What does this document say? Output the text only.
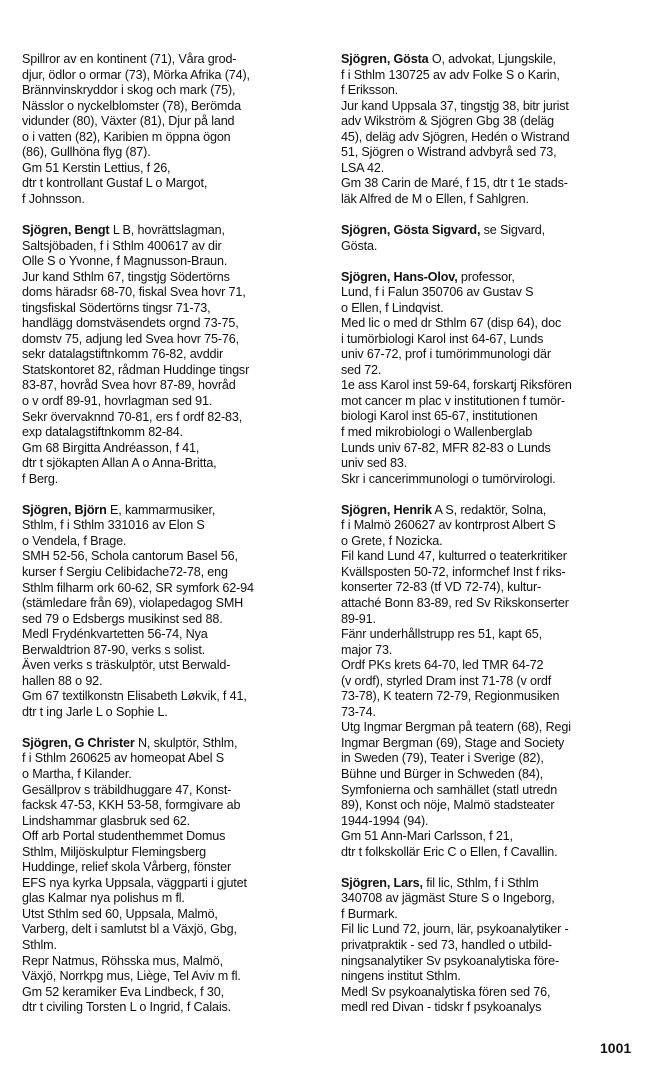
Spillror av en kontinent (71), Våra grod-

djur, ödlor o ormar (73), Mörka Afrika (74),

Brännvinskryddor i skog och mark (75),

Nässlor o nyckelblomster (78), Berömda

vidunder (80), Växter (81), Djur på land

o i vatten (82), Karibien m öppna ögon

(86), Gullhöna flyg (87).

Gm 51 Kerstin Lettius, f 26,

dtr t kontrollant Gustaf L o Margot,

f Johnsson.

Sjögren, Bengt L B, hovrättslagman,

Saltsjöbaden, f i Sthlm 400617 av dir

Olle S o Yvonne, f Magnusson-Braun.

Jur kand Sthlm 67, tingstjg Södertörns

doms häradsr 68-70, fiskal Svea hovr 71,

tingsfiskal Södertörns tingsr 71-73,

handlägg domstväsendets orgnd 73-75,

domstv 75, adjung led Svea hovr 75-76,

sekr datalagstiftnkomm 76-82, avddir

Statskontoret 82, rådman Huddinge tingsr

83-87, hovråd Svea hovr 87-89, hovråd

o v ordf 89-91, hovrlagman sed 91.

Sekr övervaknnd 70-81, ers f ordf 82-83,

exp datalagstiftnkomm 82-84.

Gm 68 Birgitta Andréasson, f 41,

dtr t sjökapten Allan A o Anna-Britta,

f Berg.

Sjögren, Björn E, kammarmusiker,

Sthlm, f i Sthlm 331016 av Elon S

o Vendela, f Brage.

SMH 52-56, Schola cantorum Basel 56,

kurser f Sergiu Celibidache72-78, eng

Sthlm filharm ork 60-62, SR symfork 62-94

(stämledare från 69), violapedagog SMH

sed 79 o Edsbergs musikinst sed 88.

Medl Frydénkvartetten 56-74, Nya

Berwaldtrion 87-90, verks s solist.

Även verks s träskulptör, utst Berwald-

hallen 88 o 92.

Gm 67 textilkonstn Elisabeth Løkvik, f 41,

dtr t ing Jarle L o Sophie L.

Sjögren, G Christer N, skulptör, Sthlm,

f i Sthlm 260625 av homeopat Abel S

o Martha, f Kilander.

Gesällprov s träbildhuggare 47, Konst-

facksk 47-53, KKH 53-58, formgivare ab

Lindshammar glasbruk sed 62.

Off arb Portal studenthemmet Domus

Sthlm, Miljöskulptur Flemingsberg

Huddinge, relief skola Vårberg, fönster

EFS nya kyrka Uppsala, väggparti i gjutet

glas Kalmar nya polishus m fl.

Utst Sthlm sed 60, Uppsala, Malmö,

Varberg, delt i samlutst bl a Växjö, Gbg,

Sthlm.

Repr Natmus, Röhsska mus, Malmö,

Växjö, Norrkpg mus, Liège, Tel Aviv m fl.

Gm 52 keramiker Eva Lindbeck, f 30,

dtr t civiling Torsten L o Ingrid, f Calais.

Sjögren, Gösta O, advokat, Ljungskile,

f i Sthlm 130725 av adv Folke S o Karin,

f Eriksson.

Jur kand Uppsala 37, tingstjg 38, bitr jurist

adv Wikström & Sjögren Gbg 38 (deläg

45), deläg adv Sjögren, Hedén o Wistrand

51, Sjögren o Wistrand advbyrå sed 73,

LSA 42.

Gm 38 Carin de Maré, f 15, dtr t 1e stads-

läk Alfred de M o Ellen, f Sahlgren.

Sjögren, Gösta Sigvard, se Sigvard,

Gösta.

Sjögren, Hans-Olov, professor,

Lund, f i Falun 350706 av Gustav S

o Ellen, f Lindqvist.

Med lic o med dr Sthlm 67 (disp 64), doc

i tumörbiologi Karol inst 64-67, Lunds

univ 67-72, prof i tumörimmunologi där

sed 72.

1e ass Karol inst 59-64, forskartj Riksfören

mot cancer m plac v institutionen f tumör-

biologi Karol inst 65-67, institutionen

f med mikrobiologi o Wallenberglab

Lunds univ 67-82, MFR 82-83 o Lunds

univ sed 83.

Skr i cancerimmunologi o tumörvirologi.

Sjögren, Henrik A S, redaktör, Solna,

f i Malmö 260627 av kontrprost Albert S

o Grete, f Nozicka.

Fil kand Lund 47, kulturred o teaterkritiker

Kvällsposten 50-72, informchef Inst f riks-

konserter 72-83 (tf VD 72-74), kultur-

attaché Bonn 83-89, red Sv Rikskonserter

89-91.

Fänr underhållstrupp res 51, kapt 65,

major 73.

Ordf PKs krets 64-70, led TMR 64-72

(v ordf), styrled Dram inst 71-78 (v ordf

73-78), K teatern 72-79, Regionmusiken

73-74.

Utg Ingmar Bergman på teatern (68), Regi

Ingmar Bergman (69), Stage and Society

in Sweden (79), Teater i Sverige (82),

Bühne und Bürger in Schweden (84),

Symfonierna och samhället (statl utredn

89), Konst och nöje, Malmö stadsteater

1944-1994 (94).

Gm 51 Ann-Mari Carlsson, f 21,

dtr t folkskollär Eric C o Ellen, f Cavallin.

Sjögren, Lars, fil lic, Sthlm, f i Sthlm

340708 av jägmäst Sture S o Ingeborg,

f Burmark.

Fil lic Lund 72, journ, lär, psykoanalytiker -

privatpraktik - sed 73, handled o utbild-

ningsanalytiker Sv psykoanalytiska före-

ningens institut Sthlm.

Medl Sv psykoanalytiska fören sed 76,

medl red Divan - tidskr f psykoanalys

1001
